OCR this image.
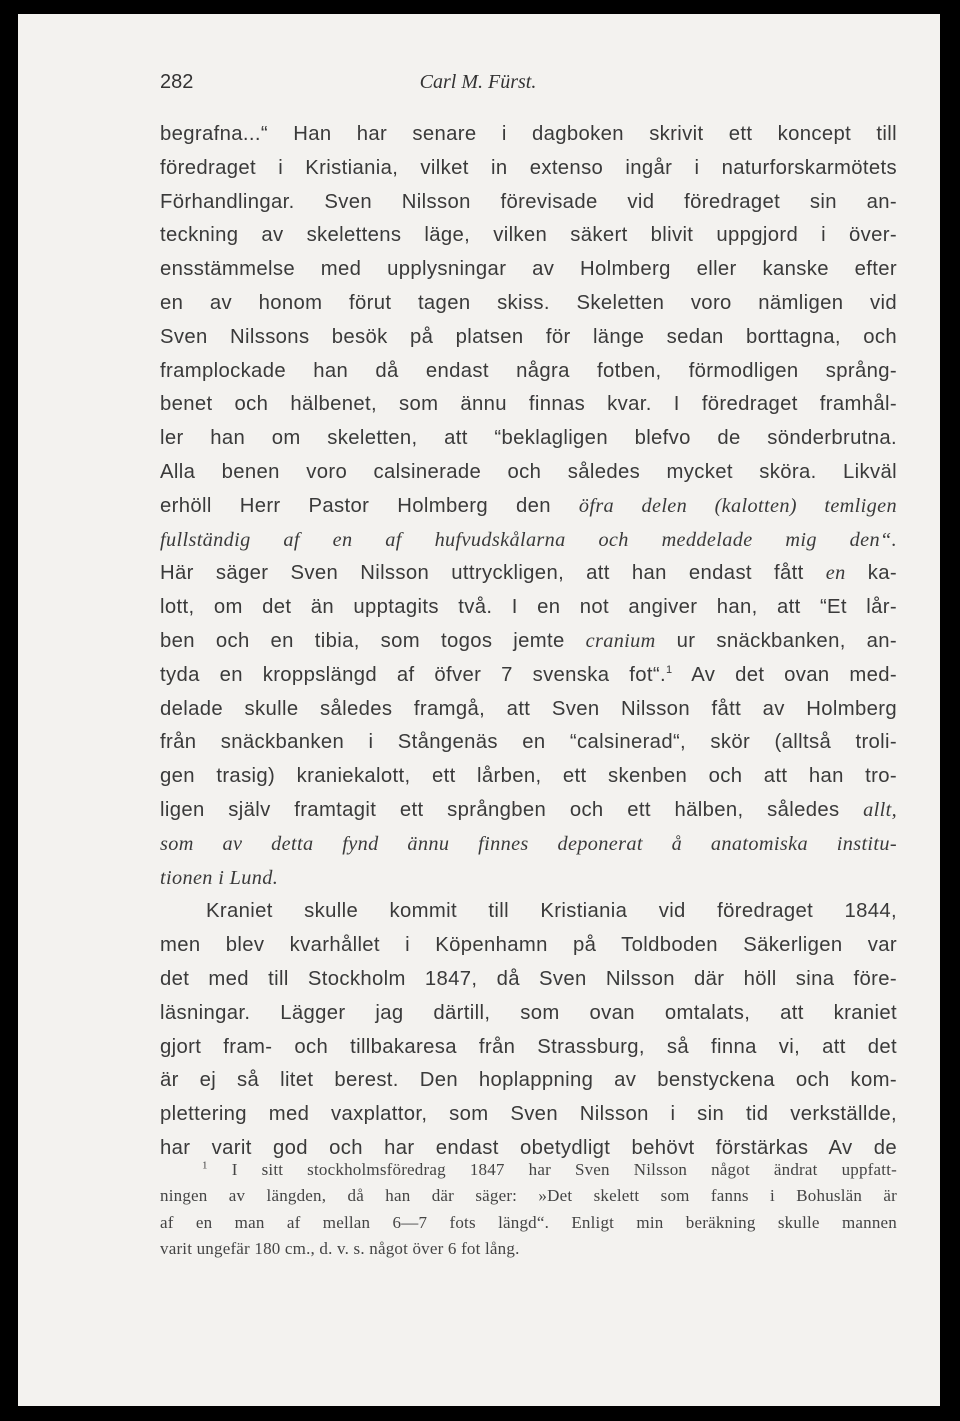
282	Carl M. Fürst.
begrafna...“ Han har senare i dagboken skrivit ett koncept till
föredraget i Kristiania, vilket in extenso ingår i naturforskarmötets
Förhandlingar. Sven Nilsson förevisade vid föredraget sin an-
teckning av skelettens läge, vilken säkert blivit uppgjord i över-
ensstämmelse med upplysningar av Holmberg eller kanske efter
en av honom förut tagen skiss. Skeletten voro nämligen vid
Sven Nilssons besök på platsen för länge sedan borttagna, och
framplockade han då endast några fotben, förmodligen språng-
benet och hälbenet, som ännu finnas kvar. I föredraget framhål-
ler han om skeletten, att “beklagligen blefvo de sönderbrutna.
Alla benen voro calsinerade och således mycket sköra. Likväl
erhöll Herr Pastor Holmberg den öfra delen (kalotten) temligen
fullständig af en af hufvudskålarna och meddelade mig den“.
Här säger Sven Nilsson uttryckligen, att han endast fått en ka-
lott, om det än upptagits två. I en not angiver han, att “Et lår-
ben och en tibia, som togos jemte cranium ur snäckbanken, an-
tyda en kroppslängd af öfver 7 svenska fot“.$^1$ Av det ovan med-
delade skulle således framgå, att Sven Nilsson fått av Holmberg
från snäckbanken i Stångenäs en “calsinerad“, skör (alltså troli-
gen trasig) kraniekalott, ett lårben, ett skenben och att han tro-
ligen själv framtagit ett språngben och ett hälben, således allt,
som av detta fynd ännu finnes deponerat å anatomiska institu-
tionen i Lund.
Kraniet skulle kommit till Kristiania vid föredraget 1844,
men blev kvarhållet i Köpenhamn på Toldboden Säkerligen var
det med till Stockholm 1847, då Sven Nilsson där höll sina före-
läsningar. Lägger jag därtill, som ovan omtalats, att kraniet
gjort fram- och tillbakaresa från Strassburg, så finna vi, att det
är ej så litet berest. Den hoplappning av benstyckena och kom-
plettering med vaxplattor, som Sven Nilsson i sin tid verkställde,
har varit god och har endast obetydligt behövt förstärkas Av de
$^1$ I sitt stockholmsföredrag 1847 har Sven Nilsson något ändrat uppfatt-
ningen av längden, då han där säger: »Det skelett som fanns i Bohuslän är
af en man af mellan 6—7 fots längd“. Enligt min beräkning skulle mannen
varit ungefär 180 cm., d. v. s. något över 6 fot lång.
